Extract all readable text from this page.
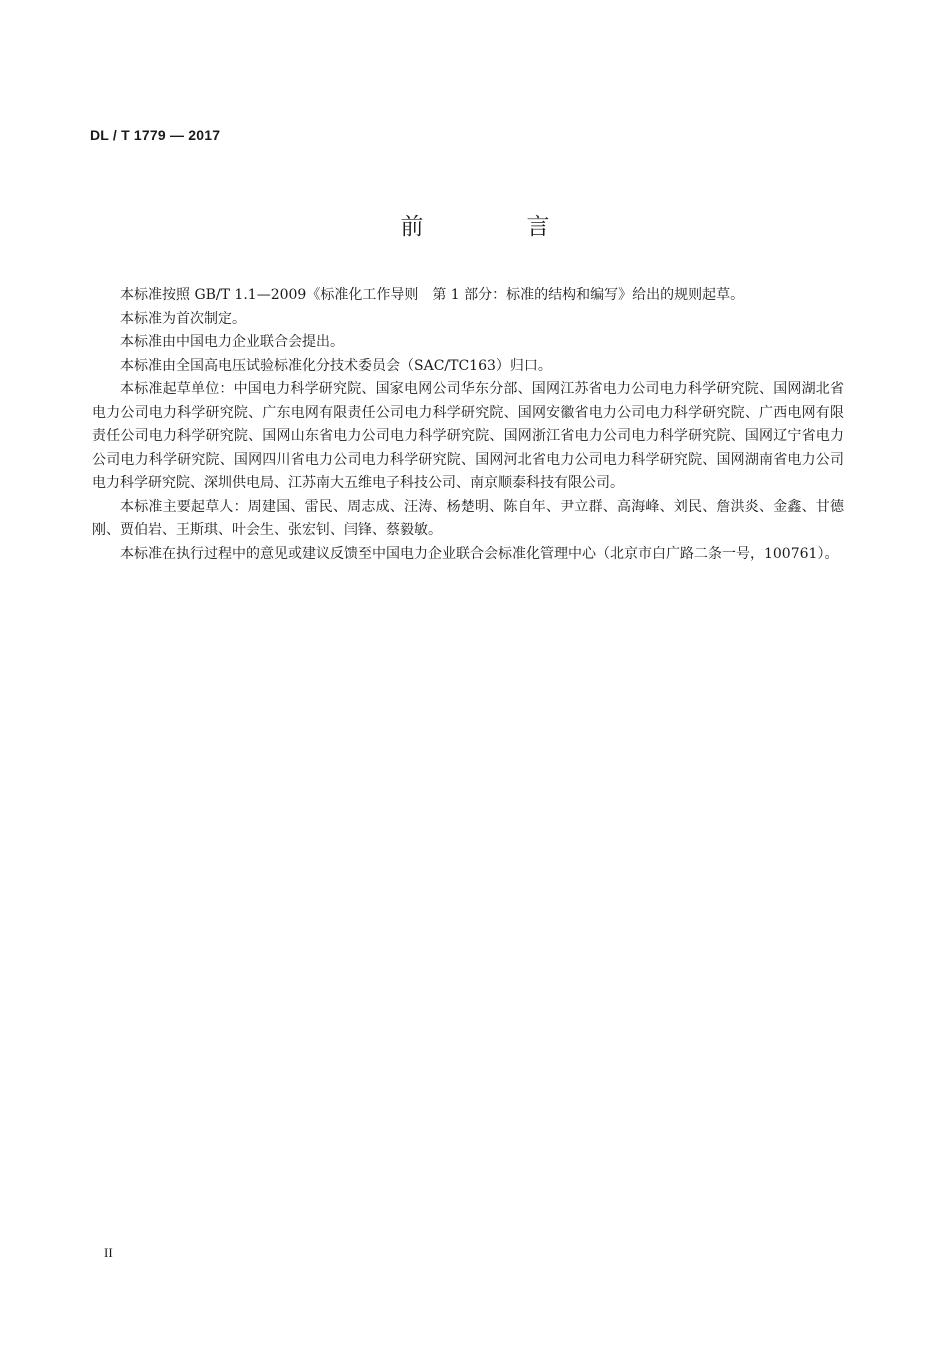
DL / T 1779 — 2017
前　言

本标准按照 GB/T 1.1—2009《标准化工作导则　第 1 部分：标准的结构和编写》给出的规则起草。

本标准为首次制定。

本标准由中国电力企业联合会提出。

本标准由全国高电压试验标准化分技术委员会（SAC/TC163）归口。

本标准起草单位：中国电力科学研究院、国家电网公司华东分部、国网江苏省电力公司电力科学研究院、国网湖北省电力公司电力科学研究院、广东电网有限责任公司电力科学研究院、国网安徽省电力公司电力科学研究院、广西电网有限责任公司电力科学研究院、国网山东省电力公司电力科学研究院、国网浙江省电力公司电力科学研究院、国网辽宁省电力公司电力科学研究院、国网四川省电力公司电力科学研究院、国网河北省电力公司电力科学研究院、国网湖南省电力公司电力科学研究院、深圳供电局、江苏南大五维电子科技公司、南京顺泰科技有限公司。

本标准主要起草人：周建国、雷民、周志成、汪涛、杨楚明、陈自年、尹立群、高海峰、刘民、詹洪炎、金鑫、甘德刚、贾伯岩、王斯琪、叶会生、张宏钊、闫锋、蔡毅敏。

本标准在执行过程中的意见或建议反馈至中国电力企业联合会标准化管理中心（北京市白广路二条一号，100761）。

II
